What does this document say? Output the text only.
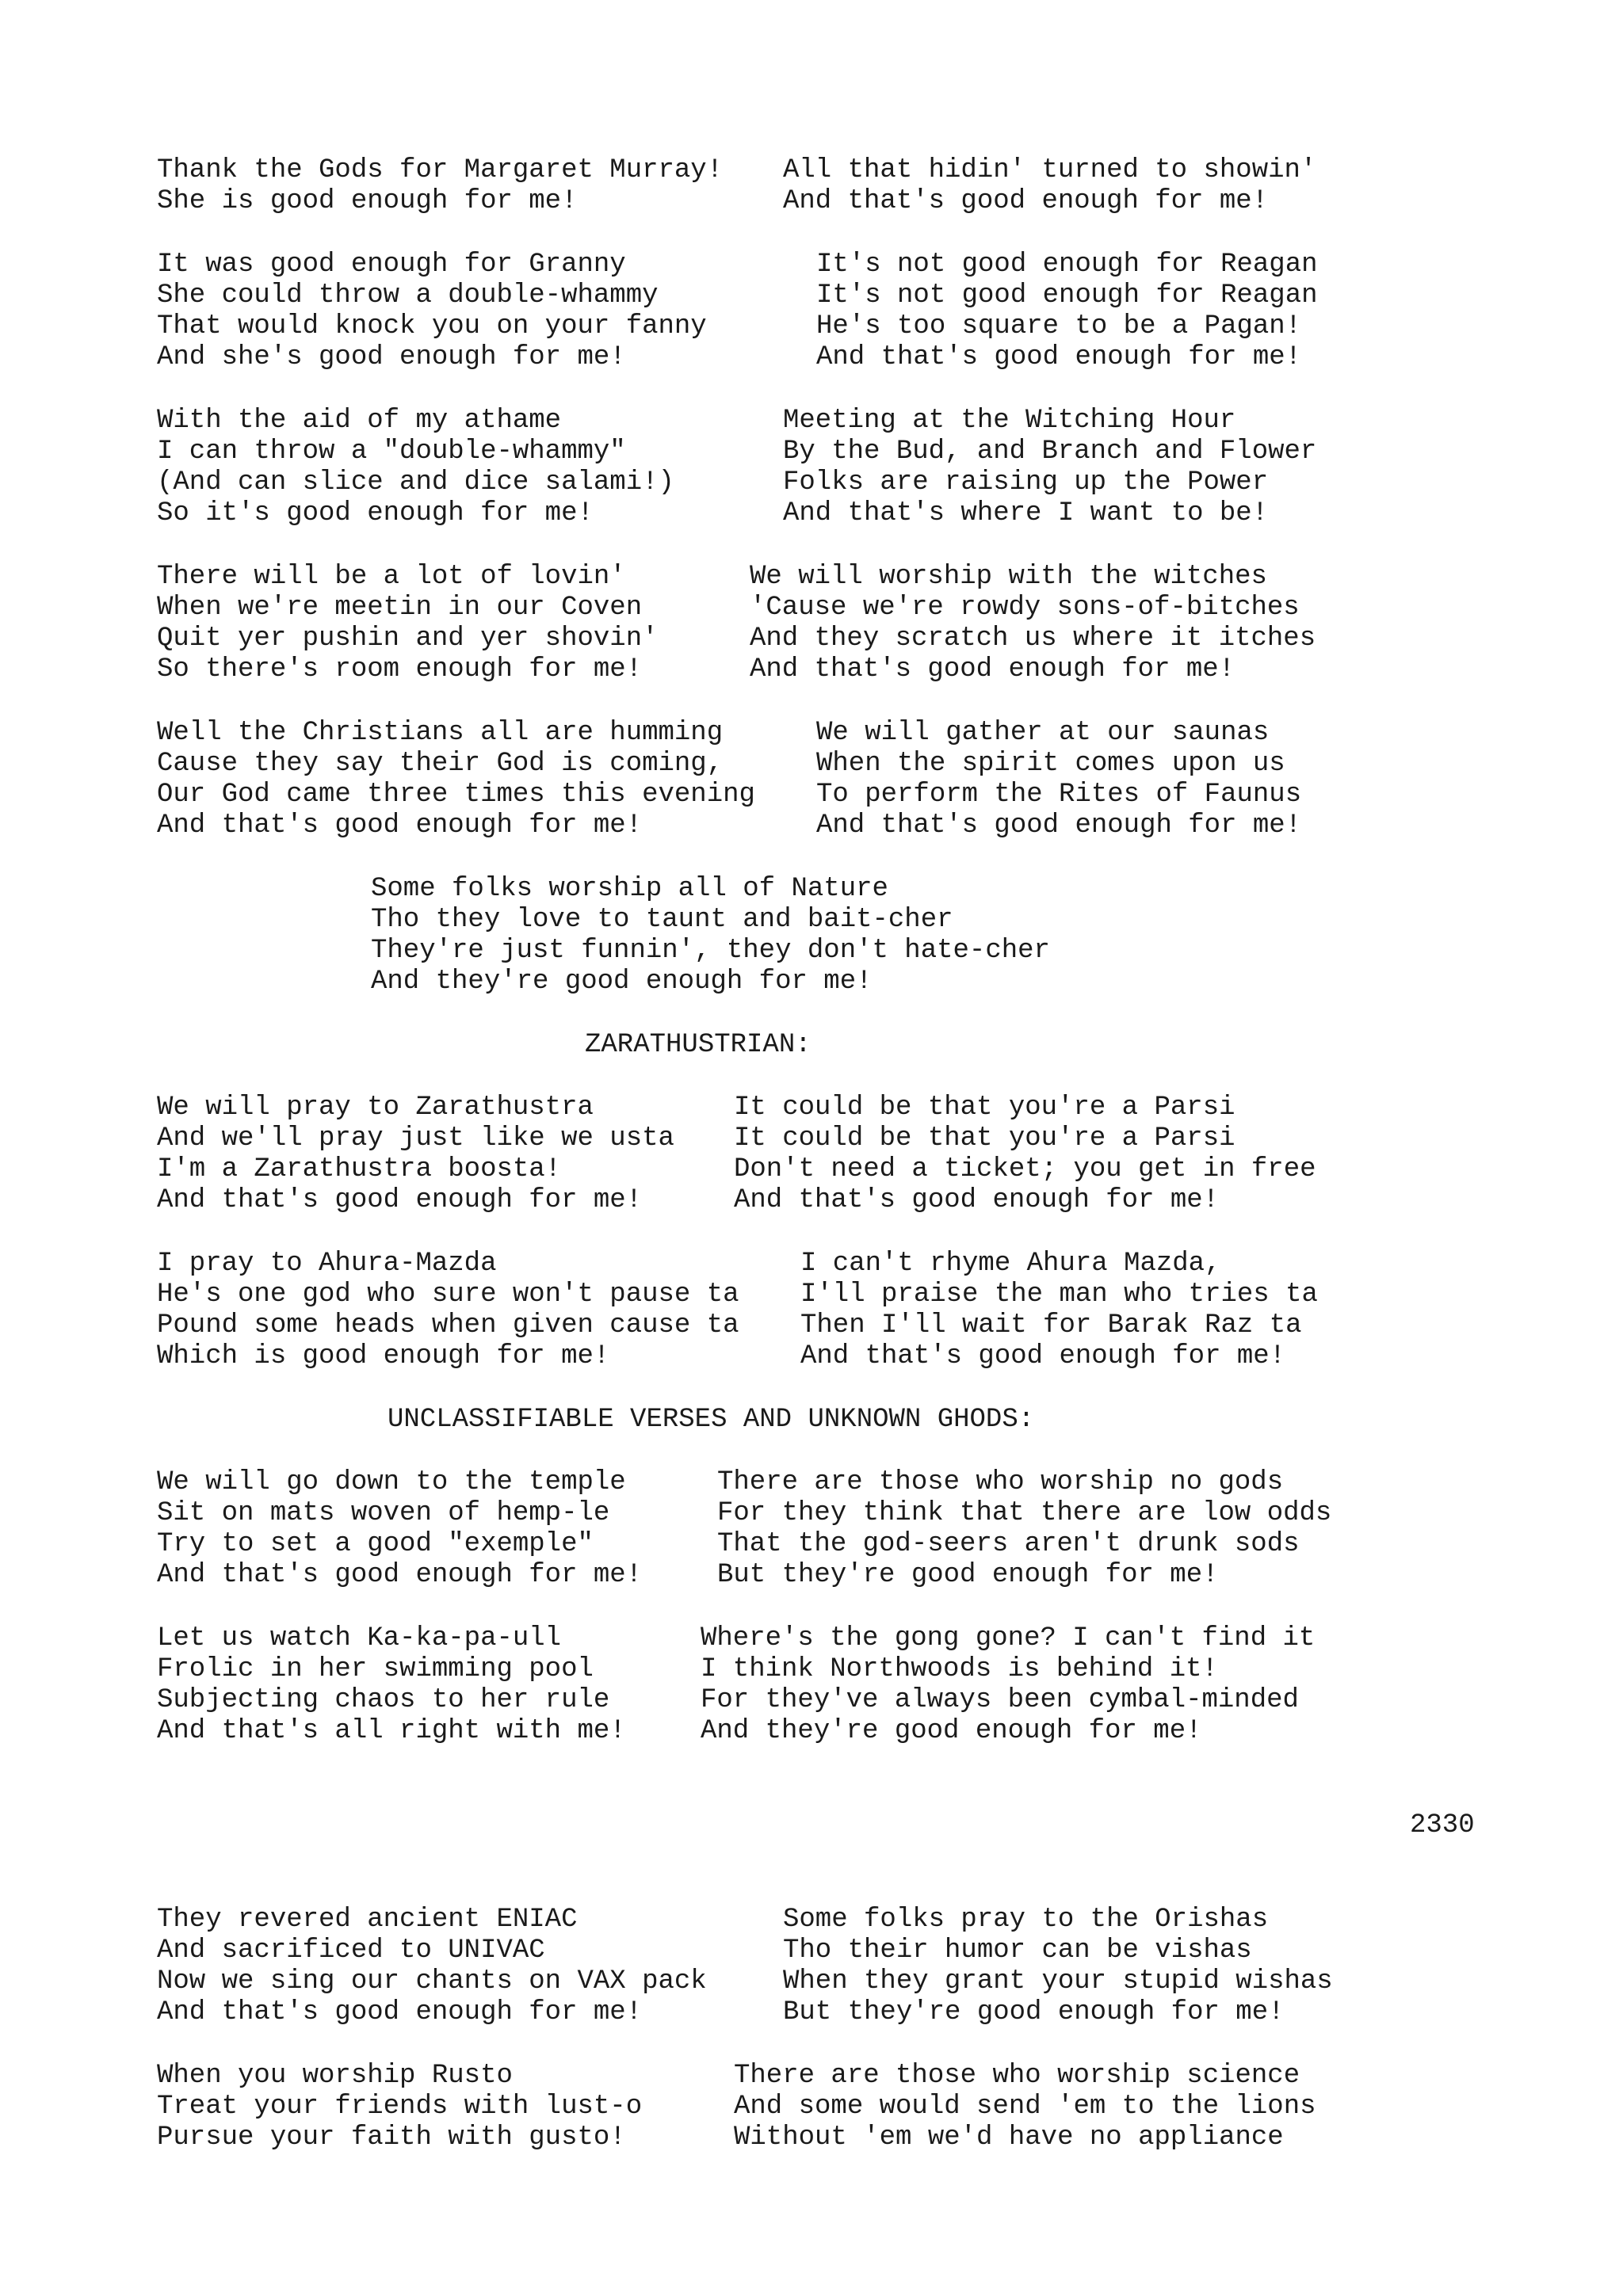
Thank the Gods for Margaret Murray!
She is good enough for me!
All that hidin' turned to showin'
And that's good enough for me!
It was good enough for Granny
She could throw a double-whammy
That would knock you on your fanny
And she's good enough for me!
It's not good enough for Reagan
It's not good enough for Reagan
He's too square to be a Pagan!
And that's good enough for me!
With the aid of my athame
I can throw a "double-whammy"
(And can slice and dice salami!)
So it's good enough for me!
Meeting at the Witching Hour
By the Bud, and Branch and Flower
Folks are raising up the Power
And that's where I want to be!
There will be a lot of lovin'
When we're meetin in our Coven
Quit yer pushin and yer shovin'
So there's room enough for me!
We will worship with the witches
'Cause we're rowdy sons-of-bitches
And they scratch us where it itches
And that's good enough for me!
Well the Christians all are humming
Cause they say their God is coming,
Our God came three times this evening
And that's good enough for me!
We will gather at our saunas
When the spirit comes upon us
To perform the Rites of Faunus
And that's good enough for me!
Some folks worship all of Nature
Tho they love to taunt and bait-cher
They're just funnin', they don't hate-cher
And they're good enough for me!
ZARATHUSTRIAN:
We will pray to Zarathustra
And we'll pray just like we usta
I'm a Zarathustra boosta!
And that's good enough for me!
It could be that you're a Parsi
It could be that you're a Parsi
Don't need a ticket; you get in free
And that's good enough for me!
I pray to Ahura-Mazda
He's one god who sure won't pause ta
Pound some heads when given cause ta
Which is good enough for me!
I can't rhyme Ahura Mazda,
I'll praise the man who tries ta
Then I'll wait for Barak Raz ta
And that's good enough for me!
UNCLASSIFIABLE VERSES AND UNKNOWN GHODS:
We will go down to the temple
Sit on mats woven of hemp-le
Try to set a good "exemple"
And that's good enough for me!
There are those who worship no gods
For they think that there are low odds
That the god-seers aren't drunk sods
But they're good enough for me!
Let us watch Ka-ka-pa-ull
Frolic in her swimming pool
Subjecting chaos to her rule
And that's all right with me!
Where's the gong gone? I can't find it
I think Northwoods is behind it!
For they've always been cymbal-minded
And they're good enough for me!
2330
They revered ancient ENIAC
And sacrificed to UNIVAC
Now we sing our chants on VAX pack
And that's good enough for me!
Some folks pray to the Orishas
Tho their humor can be vishas
When they grant your stupid wishas
But they're good enough for me!
When you worship Rusto
Treat your friends with lust-o
Pursue your faith with gusto!
There are those who worship science
And some would send 'em to the lions
Without 'em we'd have no appliance
